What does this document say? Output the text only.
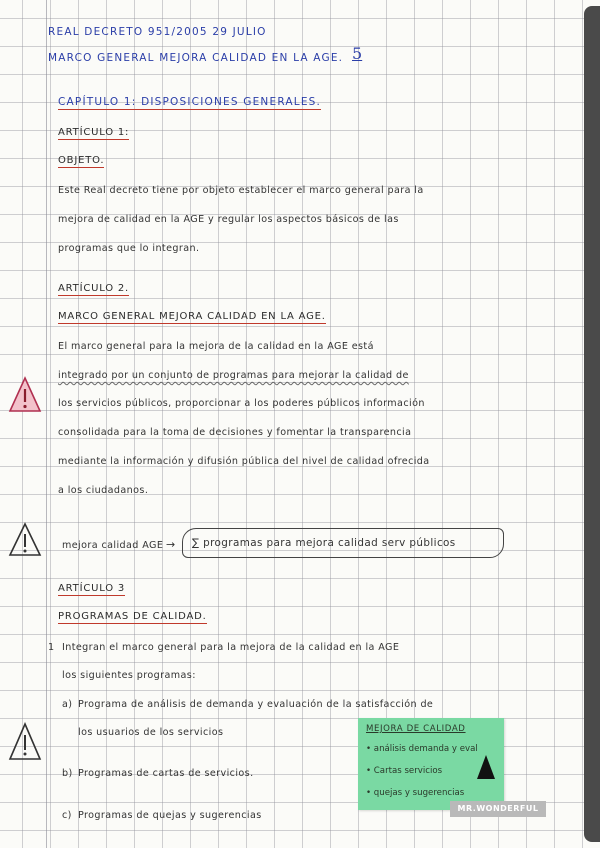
REAL DECRETO 951/2005 29 JULIO
MARCO GENERAL MEJORA CALIDAD EN LA AGE. 5
CAPÍTULO 1: DISPOSICIONES GENERALES.
ARTÍCULO 1:
OBJETO.
Este Real decreto tiene por objeto establecer el marco general para la
mejora de calidad en la AGE y regular los aspectos básicos de las
programas que lo integran.
ARTÍCULO 2.
MARCO GENERAL MEJORA CALIDAD EN LA AGE.
El marco general para la mejora de la calidad en la AGE está
integrado por un conjunto de programas para mejorar la calidad de
los servicios públicos, proporcionar a los poderes públicos información
consolidada para la toma de decisiones y fomentar la transparencia
mediante la información y difusión pública del nivel de calidad ofrecida
a los ciudadanos.
mejora calidad AGE → ∑ programas para mejora calidad serv públicos
ARTÍCULO 3
PROGRAMAS DE CALIDAD.
1 Integran el marco general para la mejora de la calidad en la AGE
los siguientes programas:
a) Programa de análisis de demanda y evaluación de la satisfacción de
los usuarios de los servicios
b) Programas de cartas de servicios.
c) Programas de quejas y sugerencias
MEJORA DE CALIDAD
• análisis demanda y eval
• Cartas servicios
• quejas y sugerencias
MR.WONDERFUL
